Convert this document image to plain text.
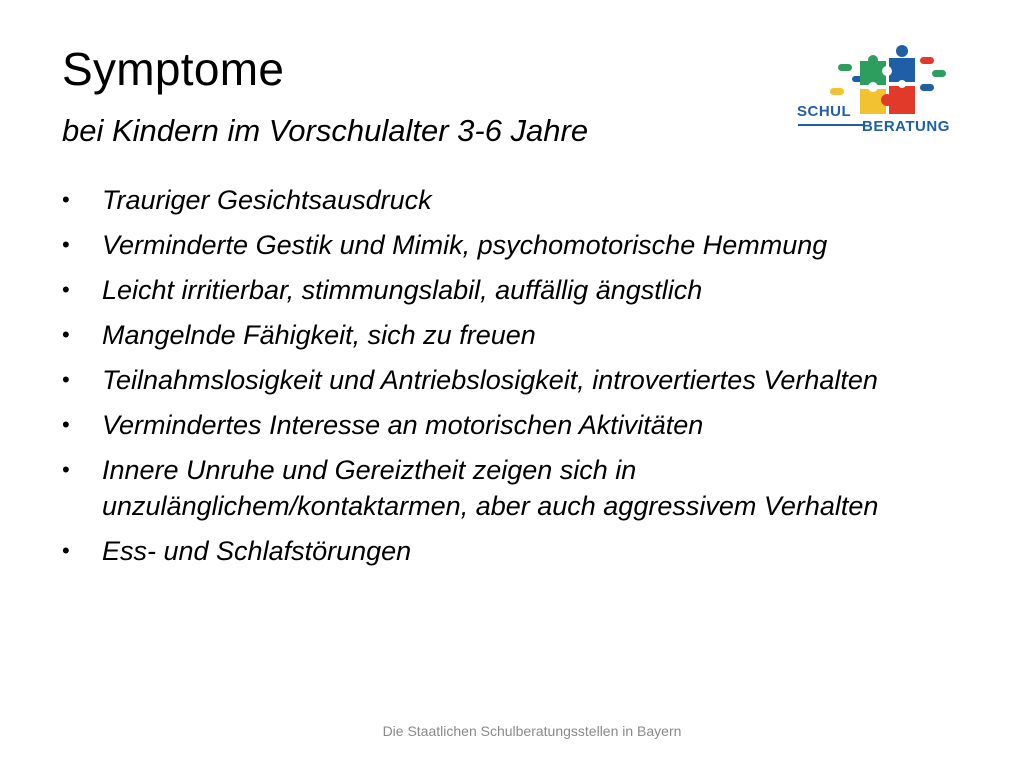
Symptome
bei Kindern im Vorschulalter 3-6 Jahre
SCHUL
BERATUNG
• Trauriger Gesichtsausdruck
• Verminderte Gestik und Mimik, psychomotorische Hemmung
• Leicht irritierbar, stimmungslabil, auffällig ängstlich
• Mangelnde Fähigkeit, sich zu freuen
• Teilnahmslosigkeit und Antriebslosigkeit, introvertiertes Verhalten
• Vermindertes Interesse an motorischen Aktivitäten
• Innere Unruhe und Gereiztheit zeigen sich in unzulänglichem/kontaktarmen, aber auch aggressivem Verhalten
• Ess- und Schlafstörungen
Die Staatlichen Schulberatungsstellen in Bayern
